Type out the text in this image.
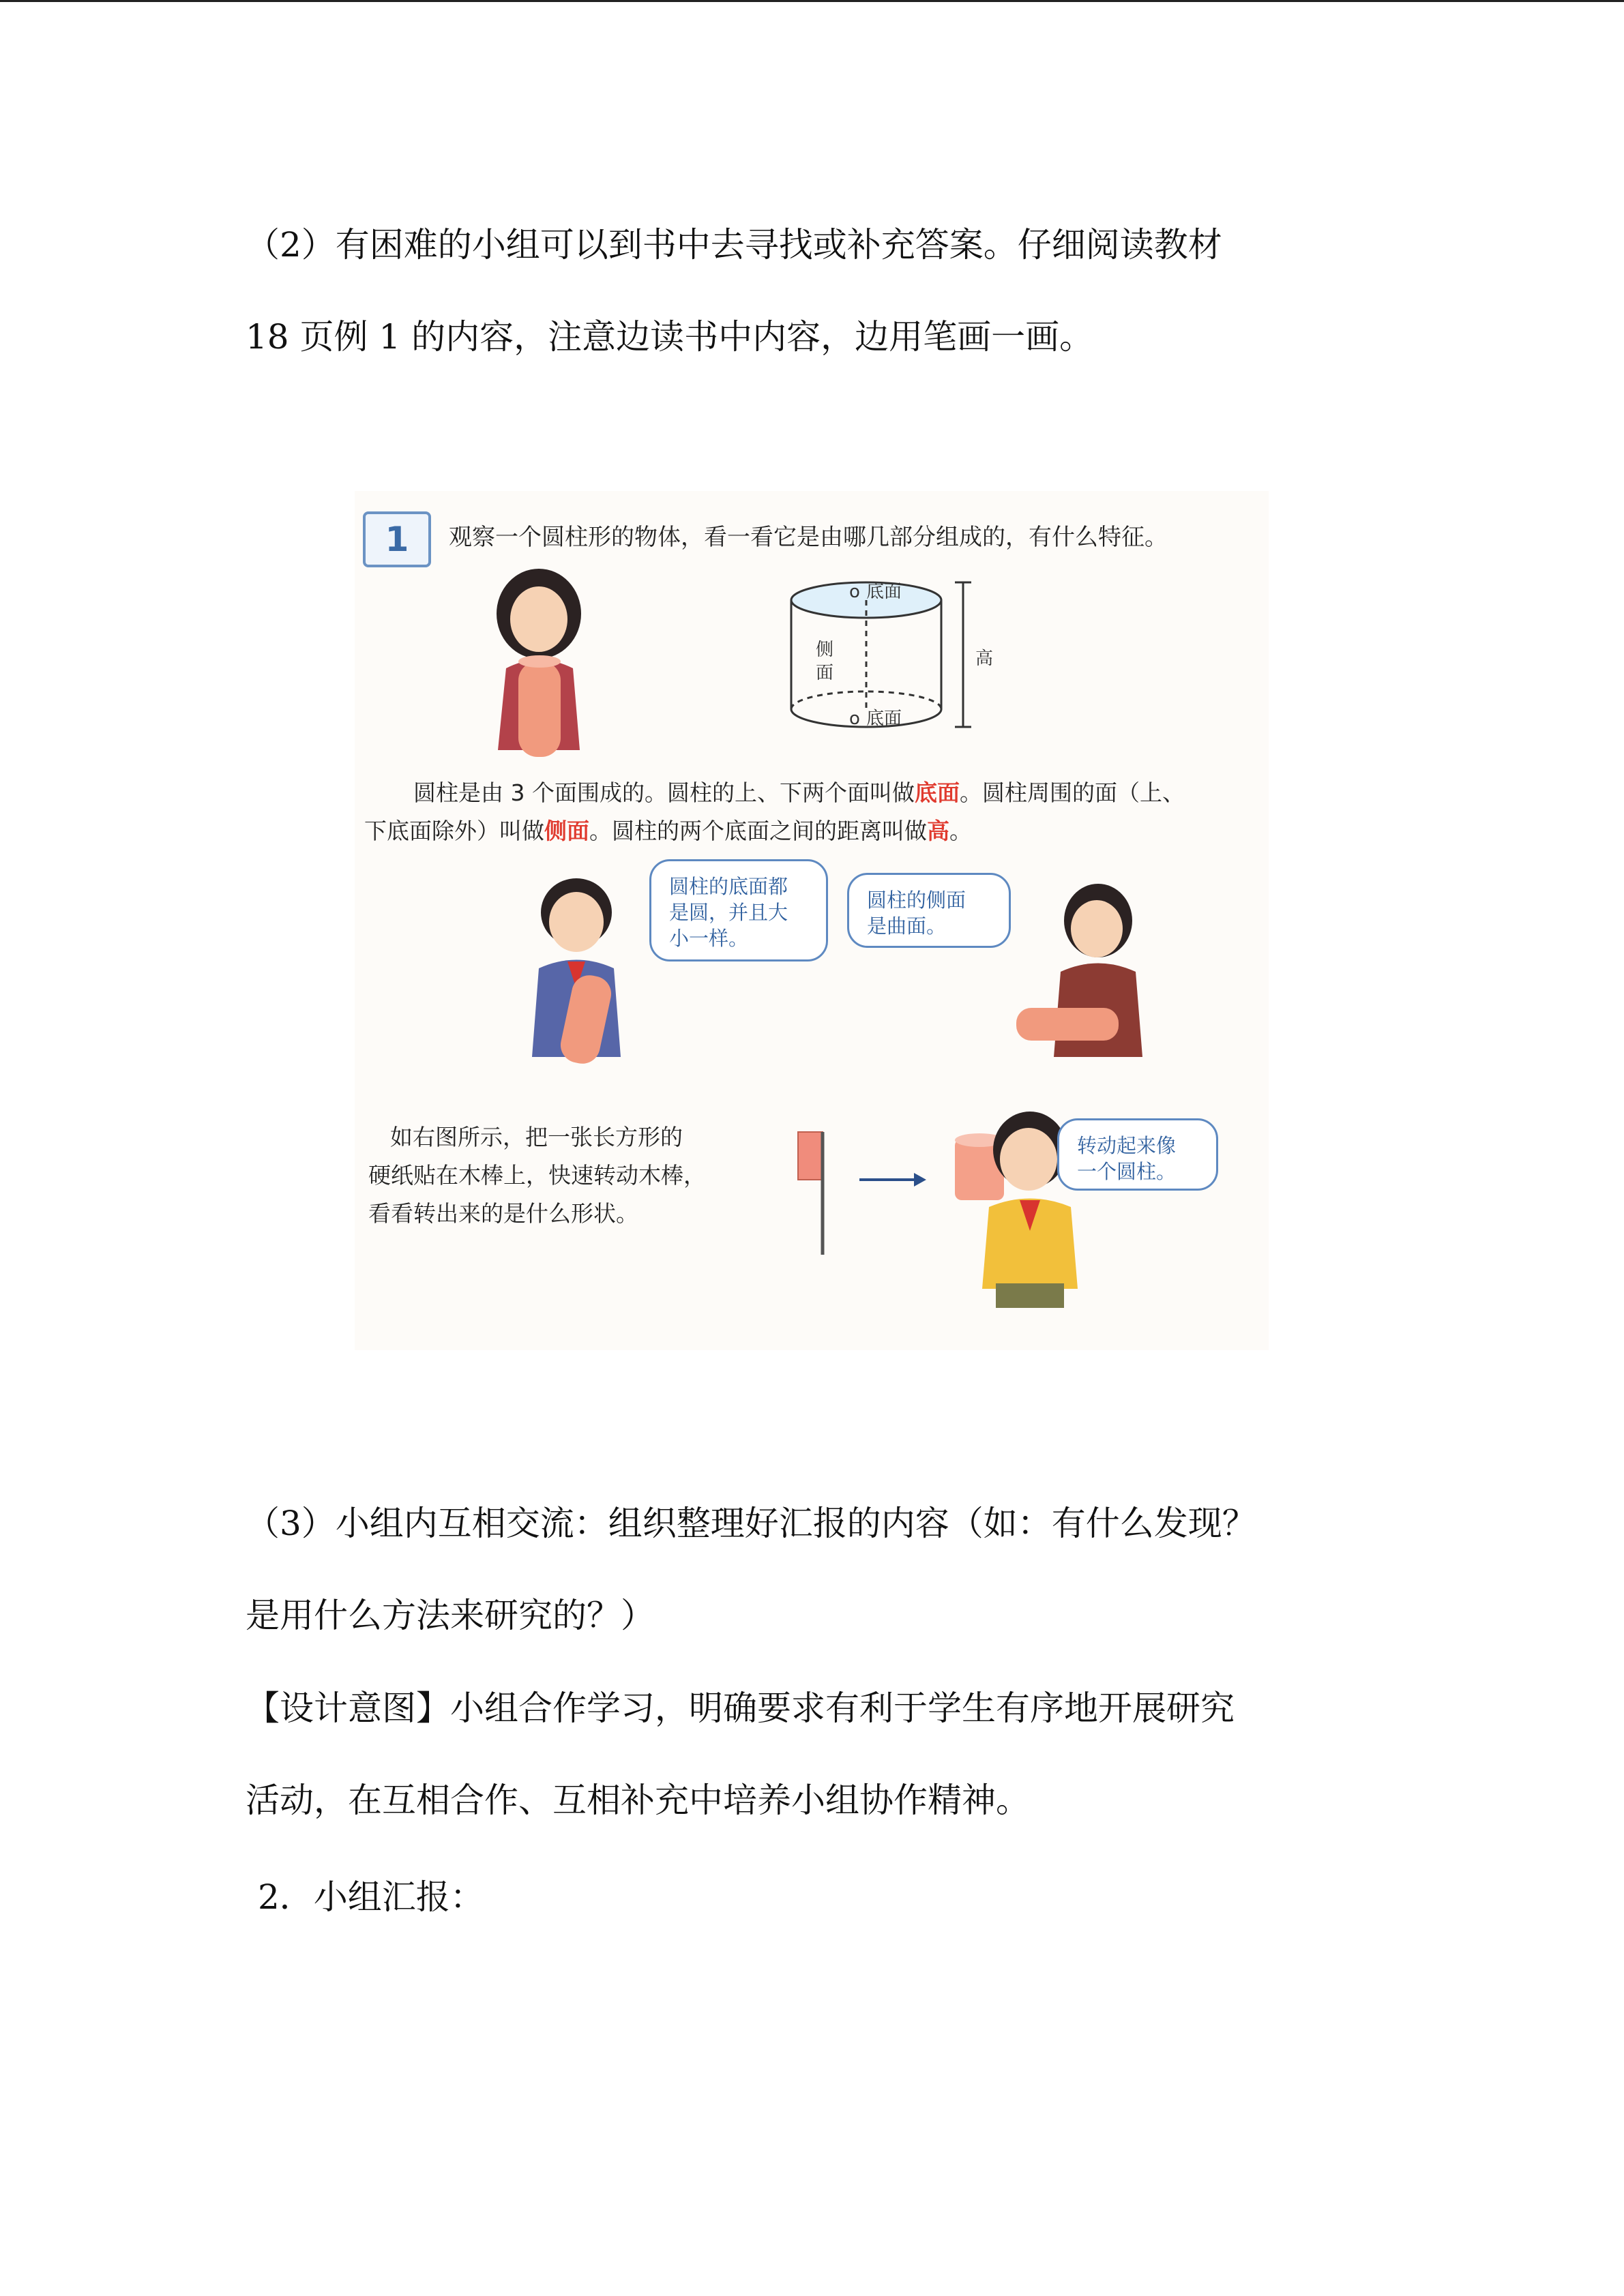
（2）有困难的小组可以到书中去寻找或补充答案。仔细阅读教材
18 页例 1 的内容，注意边读书中内容，边用笔画一画。
1	观察一个圆柱形的物体，看一看它是由哪几部分组成的，有什么特征。
o 底面
高
o 底面
侧面
圆柱是由 3 个面围成的。圆柱的上、下两个面叫做底面。圆柱周围的面（上、
下底面除外）叫做侧面。圆柱的两个底面之间的距离叫做高。
圆柱的底面都
是圆，并且大
小一样。
圆柱的侧面
是曲面。
如右图所示，把一张长方形的
硬纸贴在木棒上，快速转动木棒，
看看转出来的是什么形状。
转动起来像
一个圆柱。
（3）小组内互相交流：组织整理好汇报的内容（如：有什么发现？
是用什么方法来研究的？）
【设计意图】小组合作学习，明确要求有利于学生有序地开展研究
活动，在互相合作、互相补充中培养小组协作精神。
2．小组汇报：
